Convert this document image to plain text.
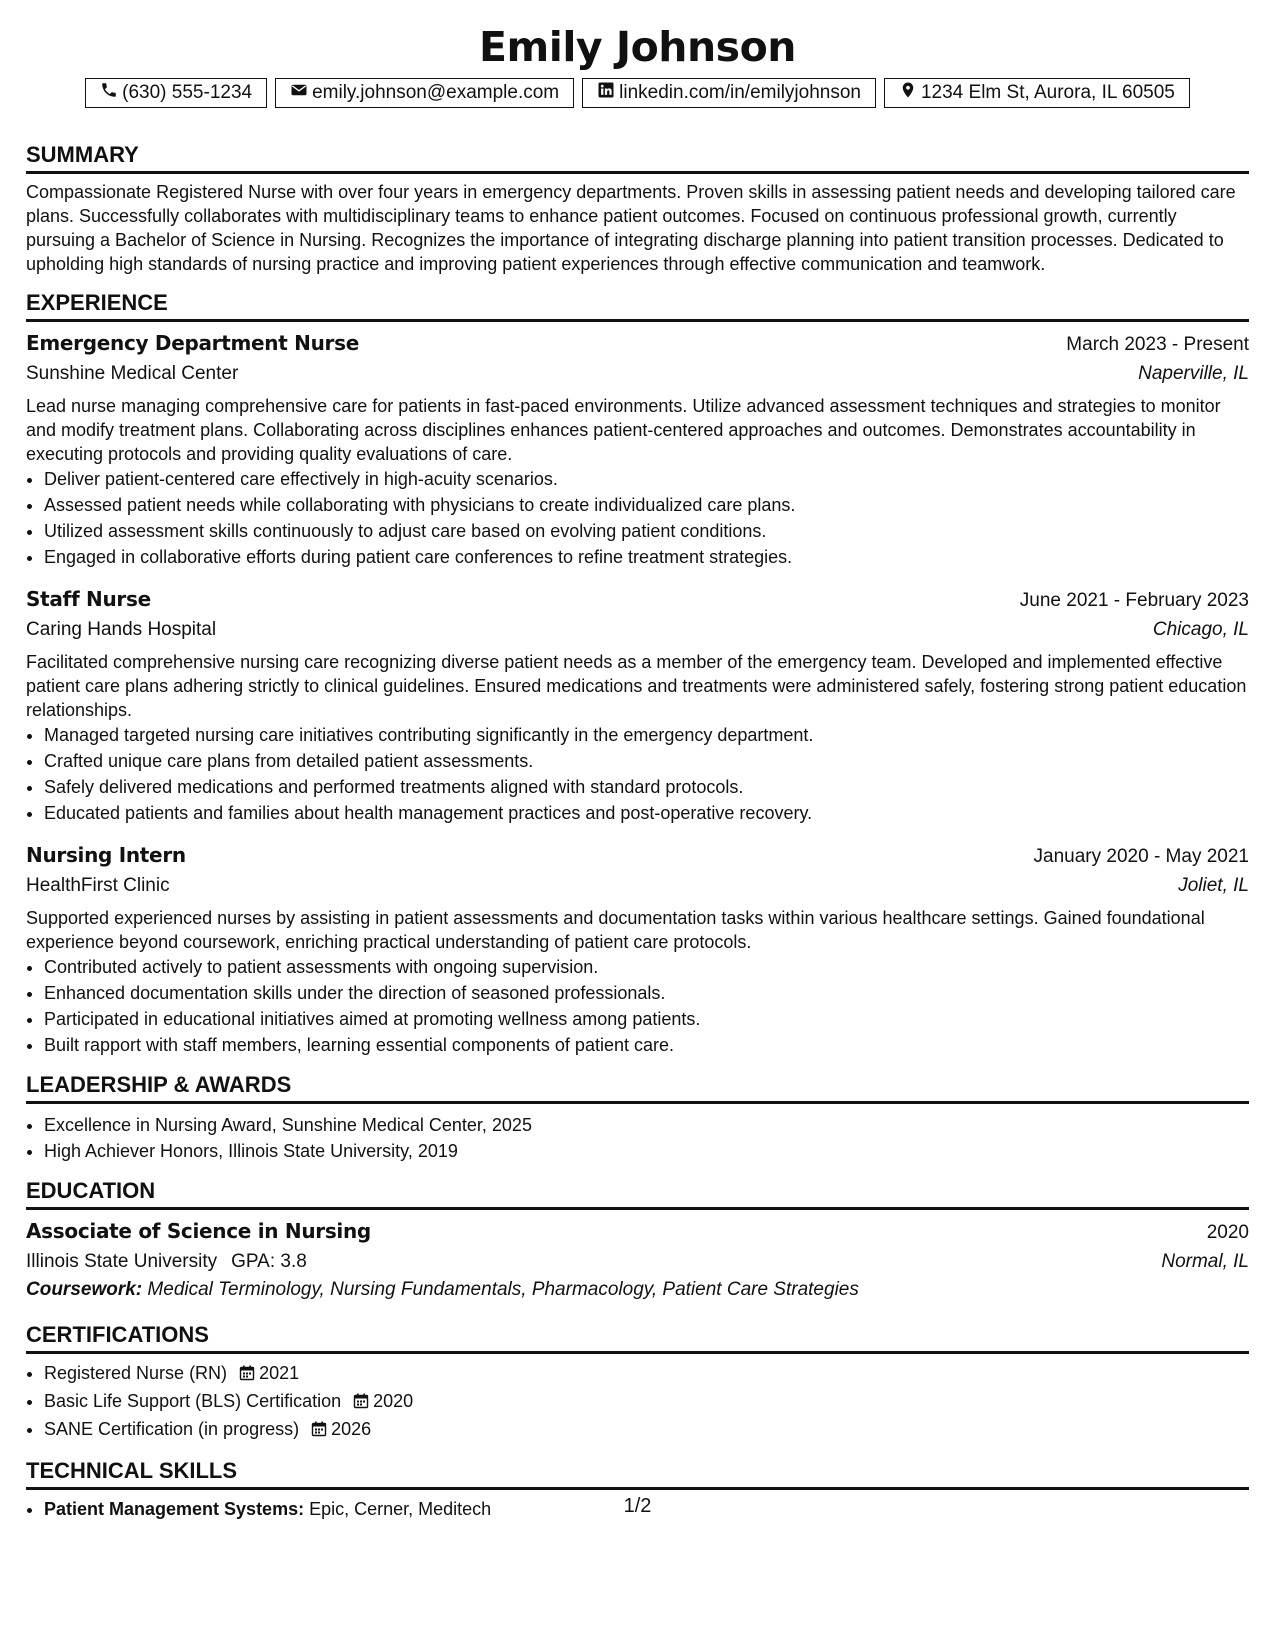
Emily Johnson
(630) 555-1234	emily.johnson@example.com	linkedin.com/in/emilyjohnson	1234 Elm St, Aurora, IL 60505
SUMMARY

Compassionate Registered Nurse with over four years in emergency departments. Proven skills in assessing patient needs and developing tailored care plans. Successfully collaborates with multidisciplinary teams to enhance patient outcomes. Focused on continuous professional growth, currently pursuing a Bachelor of Science in Nursing. Recognizes the importance of integrating discharge planning into patient transition processes. Dedicated to upholding high standards of nursing practice and improving patient experiences through effective communication and teamwork.

EXPERIENCE
Emergency Department Nurse	March 2023 - Present
Sunshine Medical Center	Naperville, IL

Lead nurse managing comprehensive care for patients in fast-paced environments. Utilize advanced assessment techniques and strategies to monitor and modify treatment plans. Collaborating across disciplines enhances patient-centered approaches and outcomes. Demonstrates accountability in executing protocols and providing quality evaluations of care.

• Deliver patient-centered care effectively in high-acuity scenarios.
• Assessed patient needs while collaborating with physicians to create individualized care plans.
• Utilized assessment skills continuously to adjust care based on evolving patient conditions.
• Engaged in collaborative efforts during patient care conferences to refine treatment strategies.
Staff Nurse	June 2021 - February 2023
Caring Hands Hospital	Chicago, IL

Facilitated comprehensive nursing care recognizing diverse patient needs as a member of the emergency team. Developed and implemented effective patient care plans adhering strictly to clinical guidelines. Ensured medications and treatments were administered safely, fostering strong patient education relationships.

• Managed targeted nursing care initiatives contributing significantly in the emergency department.
• Crafted unique care plans from detailed patient assessments.
• Safely delivered medications and performed treatments aligned with standard protocols.
• Educated patients and families about health management practices and post-operative recovery.
Nursing Intern	January 2020 - May 2021
HealthFirst Clinic	Joliet, IL

Supported experienced nurses by assisting in patient assessments and documentation tasks within various healthcare settings. Gained foundational experience beyond coursework, enriching practical understanding of patient care protocols.

• Contributed actively to patient assessments with ongoing supervision.
• Enhanced documentation skills under the direction of seasoned professionals.
• Participated in educational initiatives aimed at promoting wellness among patients.
• Built rapport with staff members, learning essential components of patient care.
LEADERSHIP & AWARDS
• Excellence in Nursing Award, Sunshine Medical Center, 2025
• High Achiever Honors, Illinois State University, 2019
EDUCATION
Associate of Science in Nursing	2020
Illinois State University GPA: 3.8	Normal, IL
Coursework: Medical Terminology, Nursing Fundamentals, Pharmacology, Patient Care Strategies
CERTIFICATIONS
• Registered Nurse (RN) 2021
• Basic Life Support (BLS) Certification 2020
• SANE Certification (in progress) 2026
TECHNICAL SKILLS
• Patient Management Systems: Epic, Cerner, Meditech	1/2
